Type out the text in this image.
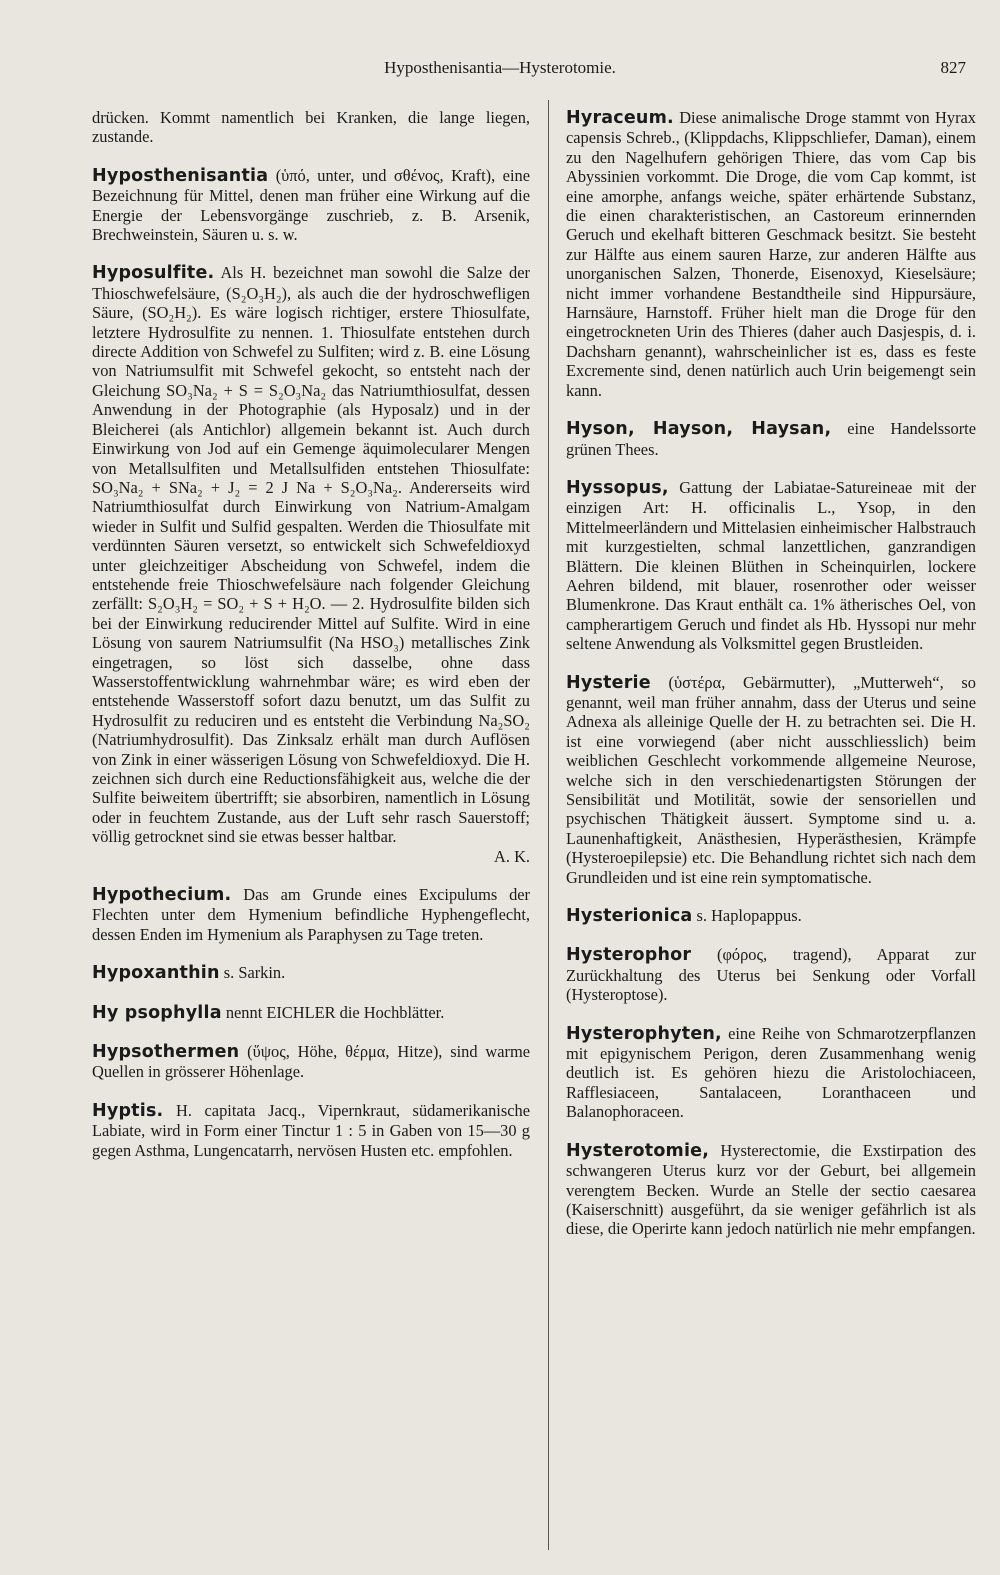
Hyposthenisantia—Hysterotomie.	827

drücken. Kommt namentlich bei Kranken, die lange liegen, zustande.

Hyposthenisantia (ὑπό, unter, und σθένος, Kraft), eine Bezeichnung für Mittel, denen man früher eine Wirkung auf die Energie der Lebensvorgänge zuschrieb, z. B. Arsenik, Brechweinstein, Säuren u. s. w.

Hyposulfite. Als H. bezeichnet man sowohl die Salze der Thioschwefelsäure, (S₂O₃H₂), als auch die der hydroschwefligen Säure, (SO₂H₂). Es wäre logisch richtiger, erstere Thiosulfate, letztere Hydrosulfite zu nennen. 1. Thiosulfate entstehen durch directe Addition von Schwefel zu Sulfiten; wird z. B. eine Lösung von Natriumsulfit mit Schwefel gekocht, so entsteht nach der Gleichung SO₃Na₂ + S = S₂O₃Na₂ das Natriumthiosulfat, dessen Anwendung in der Photographie (als Hyposalz) und in der Bleicherei (als Antichlor) allgemein bekannt ist. Auch durch Einwirkung von Jod auf ein Gemenge äquimolecularer Mengen von Metallsulfiten und Metallsulfiden entstehen Thiosulfate: SO₃Na₂ + SNa₂ + J₂ = 2 J Na + S₂O₃Na₂. Andererseits wird Natriumthiosulfat durch Einwirkung von Natrium-Amalgam wieder in Sulfit und Sulfid gespalten. Werden die Thiosulfate mit verdünnten Säuren versetzt, so entwickelt sich Schwefeldioxyd unter gleichzeitiger Abscheidung von Schwefel, indem die entstehende freie Thioschwefelsäure nach folgender Gleichung zerfällt: S₂O₃H₂ = SO₂ + S + H₂O. — 2. Hydrosulfite bilden sich bei der Einwirkung reducirender Mittel auf Sulfite. Wird in eine Lösung von saurem Natriumsulfit (Na HSO₃) metallisches Zink eingetragen, so löst sich dasselbe, ohne dass Wasserstoffentwicklung wahrnehmbar wäre; es wird eben der entstehende Wasserstoff sofort dazu benutzt, um das Sulfit zu Hydrosulfit zu reduciren und es entsteht die Verbindung Na₂SO₂ (Natriumhydrosulfit). Das Zinksalz erhält man durch Auflösen von Zink in einer wässerigen Lösung von Schwefeldioxyd. Die H. zeichnen sich durch eine Reductionsfähigkeit aus, welche die der Sulfite beiweitem übertrifft; sie absorbiren, namentlich in Lösung oder in feuchtem Zustande, aus der Luft sehr rasch Sauerstoff; völlig getrocknet sind sie etwas besser haltbar.

A. K.

Hypothecium. Das am Grunde eines Excipulums der Flechten unter dem Hymenium befindliche Hyphengeflecht, dessen Enden im Hymenium als Paraphysen zu Tage treten.

Hypoxanthin s. Sarkin.

Hy psophylla nennt EICHLER die Hochblätter.

Hypsothermen (ὕψος, Höhe, θέρμα, Hitze), sind warme Quellen in grösserer Höhenlage.

Hyptis. H. capitata Jacq., Vipernkraut, südamerikanische Labiate, wird in Form einer Tinctur 1 : 5 in Gaben von 15—30 g gegen Asthma, Lungencatarrh, nervösen Husten etc. empfohlen.

Hyraceum. Diese animalische Droge stammt von Hyrax capensis Schreb., (Klippdachs, Klippschliefer, Daman), einem zu den Nagelhufern gehörigen Thiere, das vom Cap bis Abyssinien vorkommt. Die Droge, die vom Cap kommt, ist eine amorphe, anfangs weiche, später erhärtende Substanz, die einen charakteristischen, an Castoreum erinnernden Geruch und ekelhaft bitteren Geschmack besitzt. Sie besteht zur Hälfte aus einem sauren Harze, zur anderen Hälfte aus unorganischen Salzen, Thonerde, Eisenoxyd, Kieselsäure; nicht immer vorhandene Bestandtheile sind Hippursäure, Harnsäure, Harnstoff. Früher hielt man die Droge für den eingetrockneten Urin des Thieres (daher auch Dasjespis, d. i. Dachsharn genannt), wahrscheinlicher ist es, dass es feste Excremente sind, denen natürlich auch Urin beigemengt sein kann.

Hyson, Hayson, Haysan, eine Handelssorte grünen Thees.

Hyssopus, Gattung der Labiatae-Satureineae mit der einzigen Art: H. officinalis L., Ysop, in den Mittelmeerländern und Mittelasien einheimischer Halbstrauch mit kurzgestielten, schmal lanzettlichen, ganzrandigen Blättern. Die kleinen Blüthen in Scheinquirlen, lockere Aehren bildend, mit blauer, rosenrother oder weisser Blumenkrone. Das Kraut enthält ca. 1% ätherisches Oel, von campherartigem Geruch und findet als Hb. Hyssopi nur mehr seltene Anwendung als Volksmittel gegen Brustleiden.

Hysterie (ὑστέρα, Gebärmutter), „Mutterweh“, so genannt, weil man früher annahm, dass der Uterus und seine Adnexa als alleinige Quelle der H. zu betrachten sei. Die H. ist eine vorwiegend (aber nicht ausschliesslich) beim weiblichen Geschlecht vorkommende allgemeine Neurose, welche sich in den verschiedenartigsten Störungen der Sensibilität und Motilität, sowie der sensoriellen und psychischen Thätigkeit äussert. Symptome sind u. a. Launenhaftigkeit, Anästhesien, Hyperästhesien, Krämpfe (Hysteroepilepsie) etc. Die Behandlung richtet sich nach dem Grundleiden und ist eine rein symptomatische.

Hysterionica s. Haplopappus.

Hysterophor (φόρος, tragend), Apparat zur Zurückhaltung des Uterus bei Senkung oder Vorfall (Hysteroptose).

Hysterophyten, eine Reihe von Schmarotzerpflanzen mit epigynischem Perigon, deren Zusammenhang wenig deutlich ist. Es gehören hiezu die Aristolochiaceen, Rafflesiaceen, Santalaceen, Loranthaceen und Balanophoraceen.

Hysterotomie, Hysterectomie, die Exstirpation des schwangeren Uterus kurz vor der Geburt, bei allgemein verengtem Becken. Wurde an Stelle der sectio caesarea (Kaiserschnitt) ausgeführt, da sie weniger gefährlich ist als diese, die Operirte kann jedoch natürlich nie mehr empfangen.
